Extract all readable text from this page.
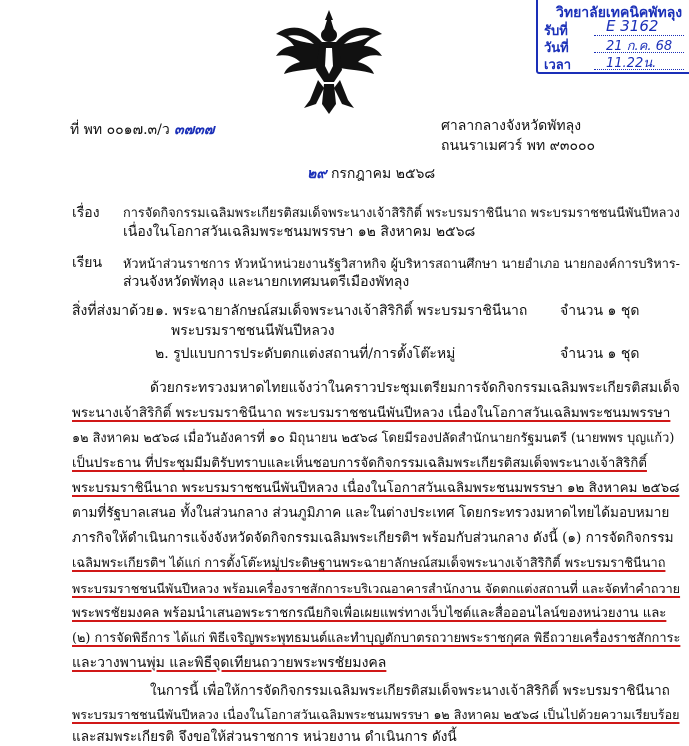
วิทยาลัยเทคนิคพัทลุง
รับที่	E 3162
วันที่	21 ก.ค. 68
เวลา	11.22น.
ที่ พท ๐๐๑๗.๓/ว ๓๗๓๗	ศาลากลางจังหวัดพัทลุง
ถนนราเมศวร์ พท ๙๓๐๐๐
๒๙ กรกฎาคม ๒๕๖๘
เรื่อง การจัดกิจกรรมเฉลิมพระเกียรติสมเด็จพระนางเจ้าสิริกิติ์ พระบรมราชินีนาถ พระบรมราชชนนีพันปีหลวง
เนื่องในโอกาสวันเฉลิมพระชนมพรรษา ๑๒ สิงหาคม ๒๕๖๘
เรียน หัวหน้าส่วนราชการ หัวหน้าหน่วยงานรัฐวิสาหกิจ ผู้บริหารสถานศึกษา นายอำเภอ นายกองค์การบริหาร-
ส่วนจังหวัดพัทลุง และนายกเทศมนตรีเมืองพัทลุง
สิ่งที่ส่งมาด้วย ๑. พระฉายาลักษณ์สมเด็จพระนางเจ้าสิริกิติ์ พระบรมราชินีนาถ จำนวน ๑ ชุด
พระบรมราชชนนีพันปีหลวง
๒. รูปแบบการประดับตกแต่งสถานที่/การตั้งโต๊ะหมู่	จำนวน ๑ ชุด
ด้วยกระทรวงมหาดไทยแจ้งว่าในคราวประชุมเตรียมการจัดกิจกรรมเฉลิมพระเกียรติสมเด็จ
พระนางเจ้าสิริกิติ์ พระบรมราชินีนาถ พระบรมราชชนนีพันปีหลวง เนื่องในโอกาสวันเฉลิมพระชนมพรรษา
๑๒ สิงหาคม ๒๕๖๘ เมื่อวันอังคารที่ ๑๐ มิถุนายน ๒๕๖๘ โดยมีรองปลัดสำนักนายกรัฐมนตรี (นายพพร บุญแก้ว)
เป็นประธาน ที่ประชุมมีมติรับทราบและเห็นชอบการจัดกิจกรรมเฉลิมพระเกียรติสมเด็จพระนางเจ้าสิริกิติ์
พระบรมราชินีนาถ พระบรมราชชนนีพันปีหลวง เนื่องในโอกาสวันเฉลิมพระชนมพรรษา ๑๒ สิงหาคม ๒๕๖๘
ตามที่รัฐบาลเสนอ ทั้งในส่วนกลาง ส่วนภูมิภาค และในต่างประเทศ โดยกระทรวงมหาดไทยได้มอบหมาย
ภารกิจให้ดำเนินการแจ้งจังหวัดจัดกิจกรรมเฉลิมพระเกียรติฯ พร้อมกับส่วนกลาง ดังนี้ (๑) การจัดกิจกรรม
เฉลิมพระเกียรติฯ ได้แก่ การตั้งโต๊ะหมู่ประดิษฐานพระฉายาลักษณ์สมเด็จพระนางเจ้าสิริกิติ์ พระบรมราชินีนาถ
พระบรมราชชนนีพันปีหลวง พร้อมเครื่องราชสักการะบริเวณอาคารสำนักงาน จัดตกแต่งสถานที่ และจัดทำคำถวาย
พระพรชัยมงคล พร้อมนำเสนอพระราชกรณียกิจเพื่อเผยแพร่ทางเว็บไซต์และสื่อออนไลน์ของหน่วยงาน และ
(๒) การจัดพิธีการ ได้แก่ พิธีเจริญพระพุทธมนต์และทำบุญตักบาตรถวายพระราชกุศล พิธีถวายเครื่องราชสักการะ
และวางพานพุ่ม และพิธีจุดเทียนถวายพระพรชัยมงคล
ในการนี้ เพื่อให้การจัดกิจกรรมเฉลิมพระเกียรติสมเด็จพระนางเจ้าสิริกิติ์ พระบรมราชินีนาถ
พระบรมราชชนนีพันปีหลวง เนื่องในโอกาสวันเฉลิมพระชนมพรรษา ๑๒ สิงหาคม ๒๕๖๘ เป็นไปด้วยความเรียบร้อย
และสมพระเกียรติ จึงขอให้ส่วนราชการ หน่วยงาน ดำเนินการ ดังนี้
